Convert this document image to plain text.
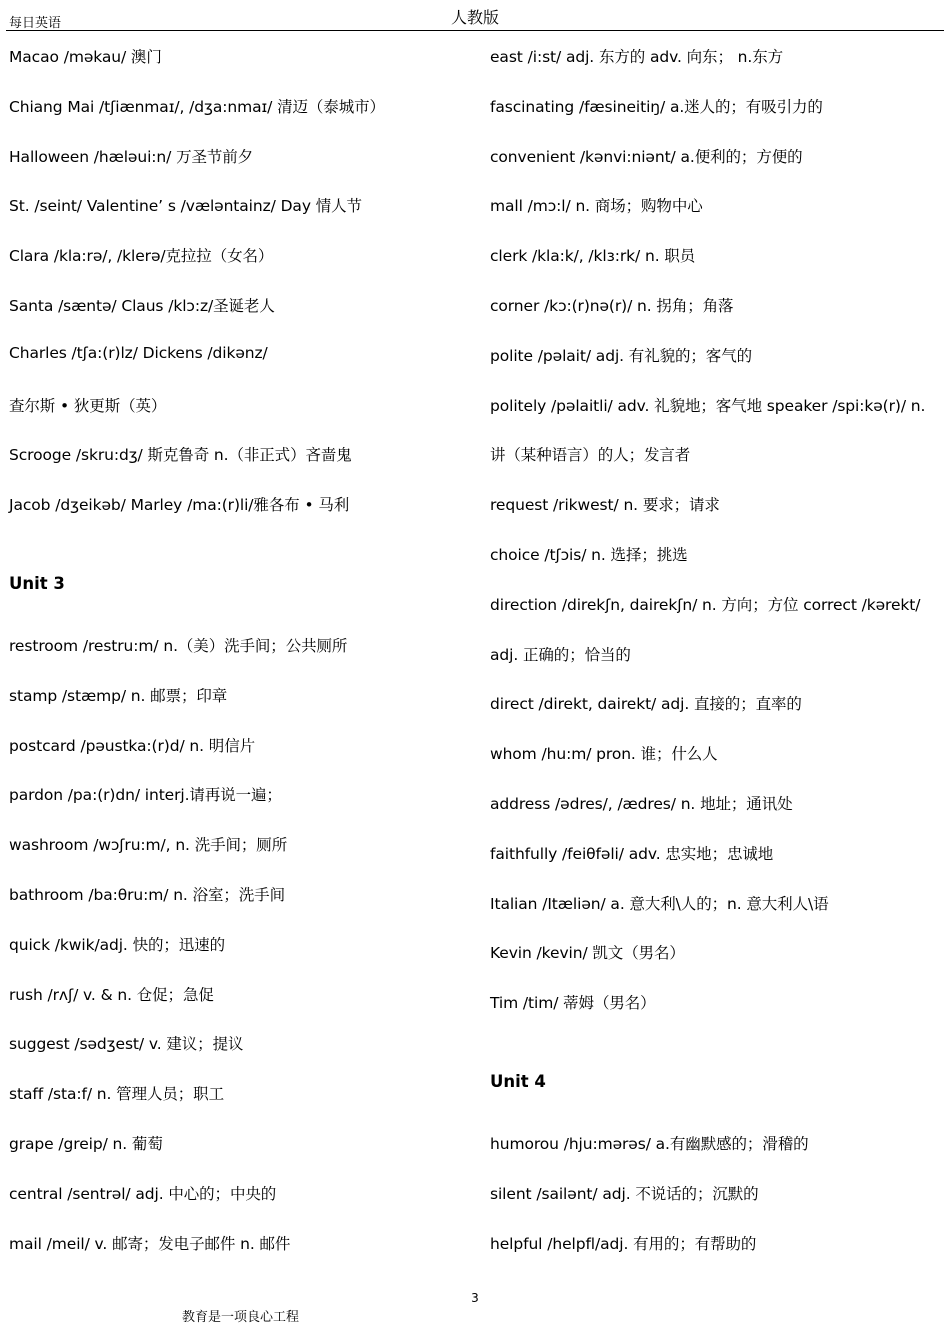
每日英语	人教版
Macao /məkau/ 澳门
Chiang Mai /tʃiænmaɪ/, /dʒa:nmaɪ/ 清迈（泰城市）
Halloween /hæləui:n/ 万圣节前夕
St. /seint/ Valentine’ s /væləntainz/ Day 情人节
Clara /kla:rə/, /klerə/克拉拉（女名）
Santa /sæntə/ Claus /klɔ:z/圣诞老人
Charles /tʃa:(r)lz/ Dickens /dikənz/
查尔斯 • 狄更斯（英）
Scrooge /skru:dʒ/ 斯克鲁奇 n.（非正式）吝啬鬼
Jacob /dʒeikəb/ Marley /ma:(r)li/雅各布 • 马利
Unit 3
restroom /restru:m/ n.（美）洗手间；公共厕所
stamp /stæmp/ n. 邮票；印章
postcard /pəustka:(r)d/ n. 明信片
pardon /pa:(r)dn/ interj.请再说一遍；
washroom /wɔʃru:m/, n. 洗手间；厕所
bathroom /ba:θru:m/ n. 浴室；洗手间
quick /kwik/adj. 快的；迅速的
rush /rʌʃ/ v. & n. 仓促；急促
suggest /sədʒest/ v. 建议；提议
staff /sta:f/ n. 管理人员；职工
grape /greip/ n. 葡萄
central /sentrəl/ adj. 中心的；中央的
mail /meil/ v. 邮寄；发电子邮件 n. 邮件
east /i:st/ adj. 东方的 adv. 向东； n.东方
fascinating /fæsineitiŋ/ a.迷人的；有吸引力的
convenient /kənvi:niənt/ a.便利的；方便的
mall /mɔ:l/ n. 商场；购物中心
clerk /kla:k/, /klɜ:rk/ n. 职员
corner /kɔ:(r)nə(r)/ n. 拐角；角落
polite /pəlait/ adj. 有礼貌的；客气的
politely /pəlaitli/ adv. 礼貌地；客气地 speaker /spi:kə(r)/ n.
讲（某种语言）的人；发言者
request /rikwest/ n. 要求；请求
choice /tʃɔis/ n. 选择；挑选
direction /direkʃn, dairekʃn/ n. 方向；方位 correct /kərekt/
adj. 正确的；恰当的
direct /direkt, dairekt/ adj. 直接的；直率的
whom /hu:m/ pron. 谁；什么人
address /ədres/, /ædres/ n. 地址；通讯处
faithfully /feiθfəli/ adv. 忠实地；忠诚地
Italian /Itæliən/ a. 意大利\人的；n. 意大利人\语
Kevin /kevin/ 凯文（男名）
Tim /tim/ 蒂姆（男名）
Unit 4
humorou /hju:mərəs/ a.有幽默感的；滑稽的
silent /sailənt/ adj. 不说话的；沉默的
helpful /helpfl/adj. 有用的；有帮助的
3
教育是一项良心工程
